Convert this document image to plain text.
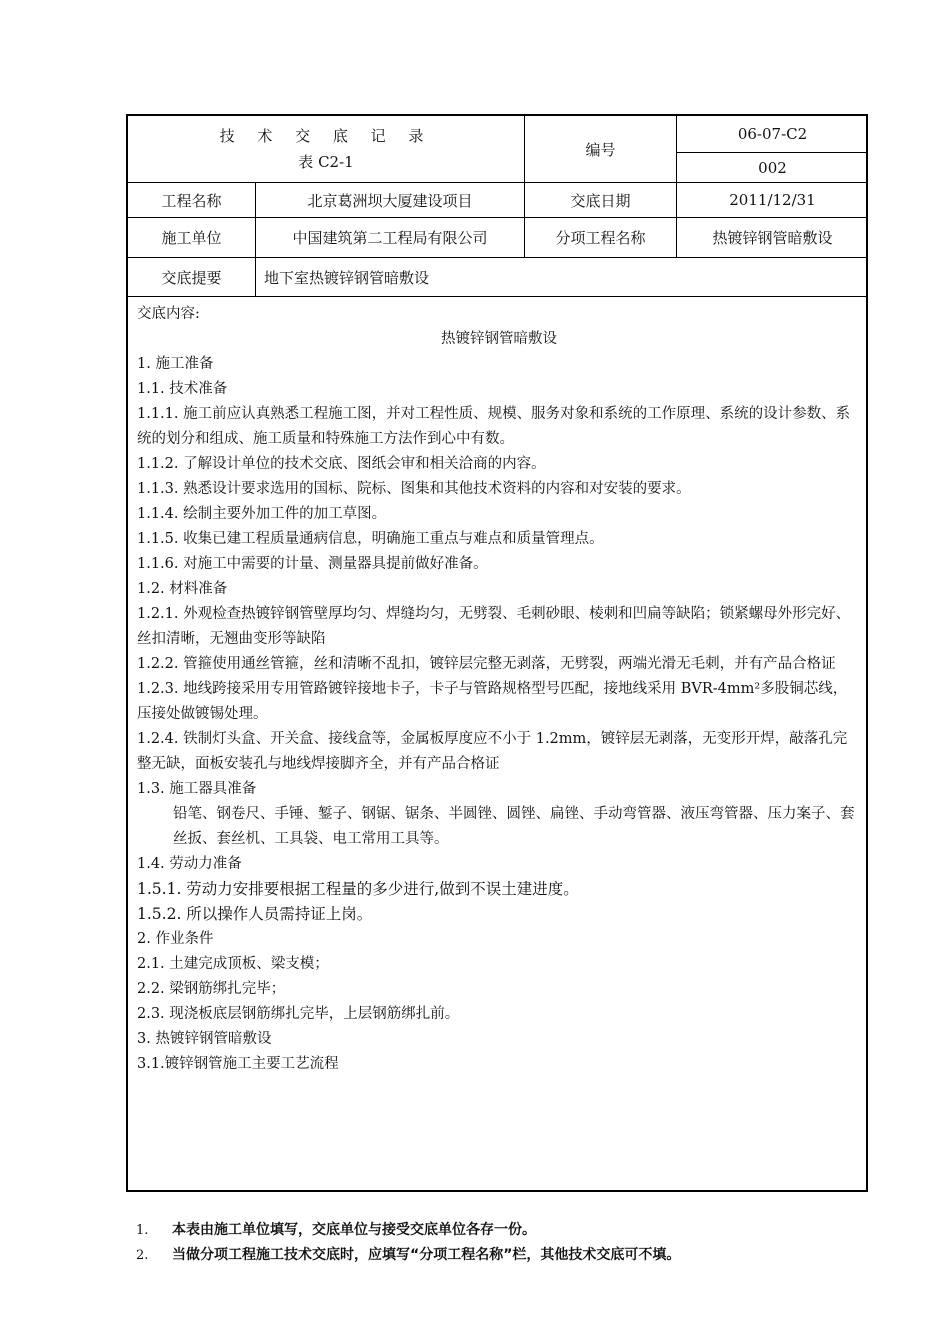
技 术 交 底 记 录
表 C2-1
编号
06-07-C2
002
工程名称	北京葛洲坝大厦建设项目	交底日期	2011/12/31
施工单位	中国建筑第二工程局有限公司	分项工程名称	热镀锌钢管暗敷设
交底提要	地下室热镀锌钢管暗敷设

交底内容:

热镀锌钢管暗敷设

1. 施工准备

1.1. 技术准备

1.1.1. 施工前应认真熟悉工程施工图，并对工程性质、规模、服务对象和系统的工作原理、系统的设计参数、系统的划分和组成、施工质量和特殊施工方法作到心中有数。

1.1.2. 了解设计单位的技术交底、图纸会审和相关洽商的内容。

1.1.3. 熟悉设计要求选用的国标、院标、图集和其他技术资料的内容和对安装的要求。

1.1.4. 绘制主要外加工件的加工草图。

1.1.5. 收集已建工程质量通病信息，明确施工重点与难点和质量管理点。

1.1.6. 对施工中需要的计量、测量器具提前做好准备。

1.2. 材料准备

1.2.1. 外观检查热镀锌钢管壁厚均匀、焊缝均匀，无劈裂、毛刺砂眼、棱刺和凹扁等缺陷；锁紧螺母外形完好、丝扣清晰，无翘曲变形等缺陷

1.2.2. 管箍使用通丝管箍，丝和清晰不乱扣，镀锌层完整无剥落，无劈裂，两端光滑无毛刺，并有产品合格证

1.2.3. 地线跨接采用专用管路镀锌接地卡子，卡子与管路规格型号匹配，接地线采用 BVR-4mm²多股铜芯线，压接处做镀锡处理。

1.2.4. 铁制灯头盒、开关盒、接线盒等，金属板厚度应不小于 1.2mm，镀锌层无剥落，无变形开焊，敲落孔完整无缺，面板安装孔与地线焊接脚齐全，并有产品合格证

1.3. 施工器具准备

铅笔、钢卷尺、手锤、錾子、钢锯、锯条、半圆锉、圆锉、扁锉、手动弯管器、液压弯管器、压力案子、套丝扳、套丝机、工具袋、电工常用工具等。

1.4. 劳动力准备

1.5.1. 劳动力安排要根据工程量的多少进行,做到不误土建进度。

1.5.2. 所以操作人员需持证上岗。

2. 作业条件

2.1. 土建完成顶板、梁支模；

2.2. 梁钢筋绑扎完毕；

2.3. 现浇板底层钢筋绑扎完毕，上层钢筋绑扎前。

3. 热镀锌钢管暗敷设

3.1.镀锌钢管施工主要工艺流程

1.	本表由施工单位填写，交底单位与接受交底单位各存一份。
2.	当做分项工程施工技术交底时，应填写“分项工程名称”栏，其他技术交底可不填。
